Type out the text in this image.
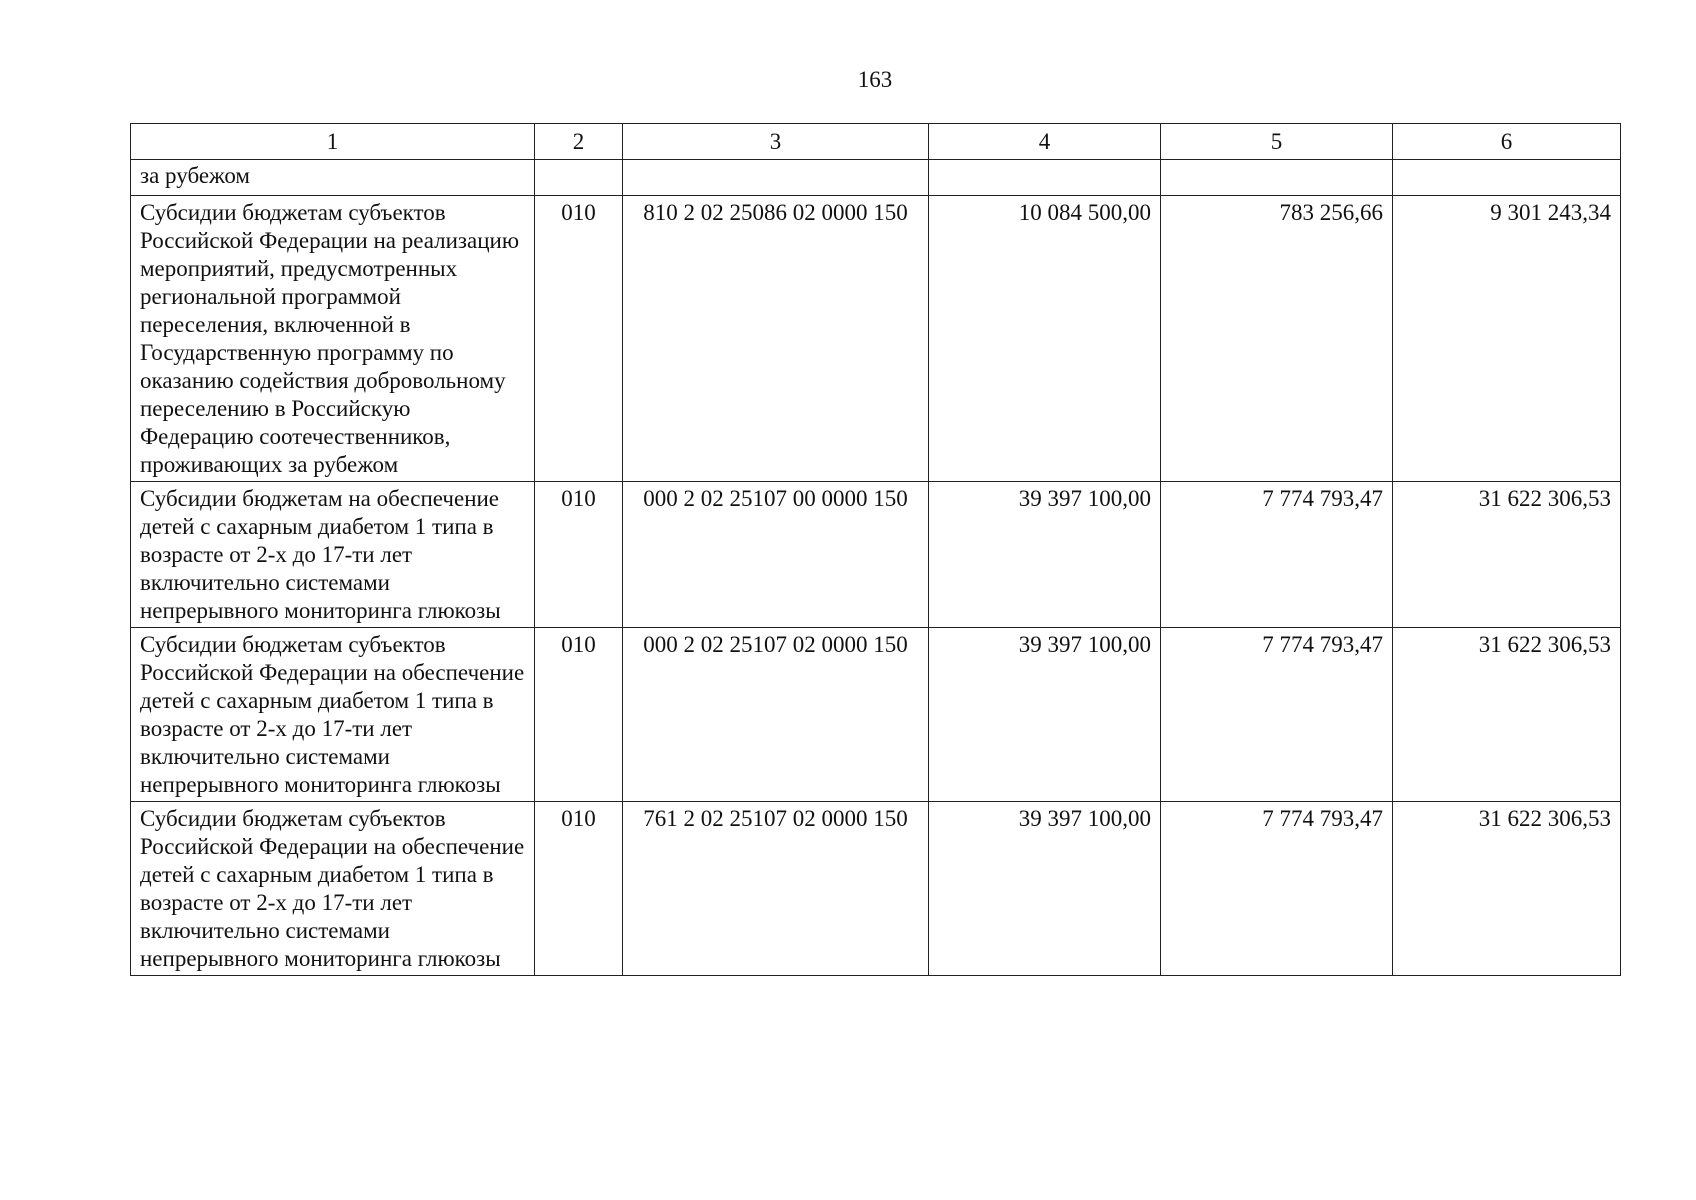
163
1	2	3	4	5	6
за рубежом					
Субсидии бюджетам субъектов Российской Федерации на реализацию мероприятий, предусмотренных региональной программой переселения, включенной в Государственную программу по оказанию содействия добровольному переселению в Российскую Федерацию соотечественников, проживающих за рубежом	010	810 2 02 25086 02 0000 150	10 084 500,00	783 256,66	9 301 243,34
Субсидии бюджетам на обеспечение детей с сахарным диабетом 1 типа в возрасте от 2-х до 17-ти лет включительно системами непрерывного мониторинга глюкозы	010	000 2 02 25107 00 0000 150	39 397 100,00	7 774 793,47	31 622 306,53
Субсидии бюджетам субъектов Российской Федерации на обеспечение детей с сахарным диабетом 1 типа в возрасте от 2-х до 17-ти лет включительно системами непрерывного мониторинга глюкозы	010	000 2 02 25107 02 0000 150	39 397 100,00	7 774 793,47	31 622 306,53
Субсидии бюджетам субъектов Российской Федерации на обеспечение детей с сахарным диабетом 1 типа в возрасте от 2-х до 17-ти лет включительно системами непрерывного мониторинга глюкозы	010	761 2 02 25107 02 0000 150	39 397 100,00	7 774 793,47	31 622 306,53
